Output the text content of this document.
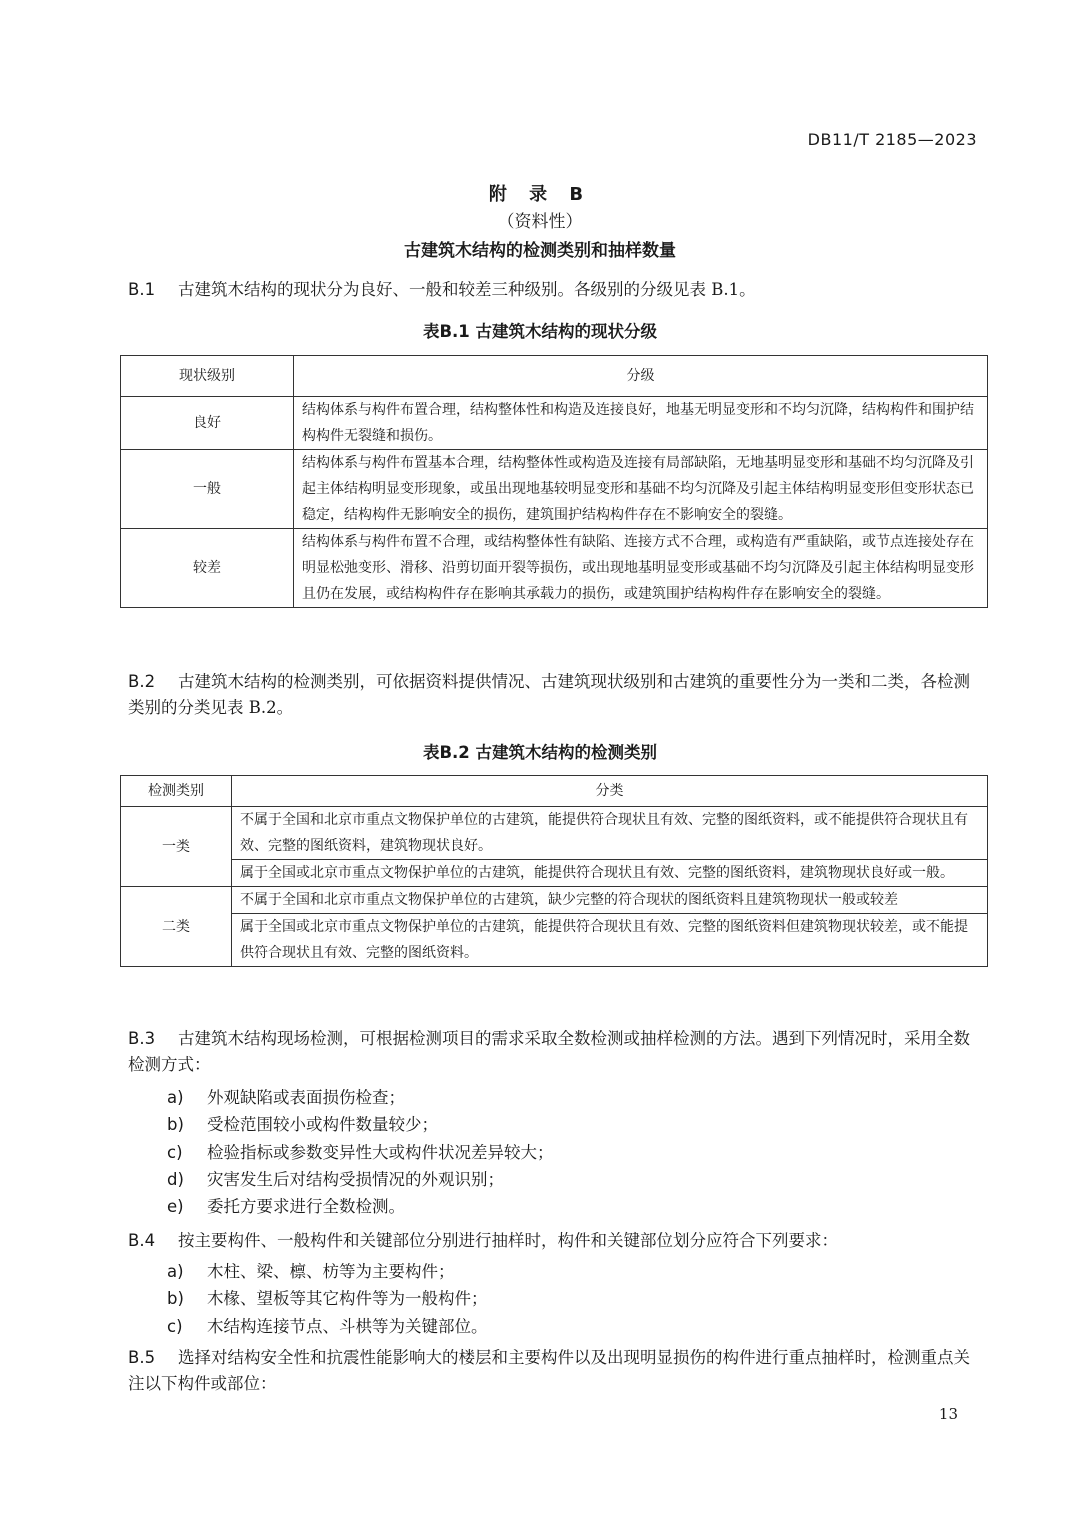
DB11/T 2185—2023
附 录 B
（资料性）
古建筑木结构的检测类别和抽样数量
B.1 古建筑木结构的现状分为良好、一般和较差三种级别。各级别的分级见表 B.1。
表B.1 古建筑木结构的现状分级
现状级别	分级
良好	结构体系与构件布置合理，结构整体性和构造及连接良好，地基无明显变形和不均匀沉降，结构构件和围护结构构件无裂缝和损伤。
一般	结构体系与构件布置基本合理，结构整体性或构造及连接有局部缺陷，无地基明显变形和基础不均匀沉降及引起主体结构明显变形现象，或虽出现地基较明显变形和基础不均匀沉降及引起主体结构明显变形但变形状态已稳定，结构构件无影响安全的损伤，建筑围护结构构件存在不影响安全的裂缝。
较差	结构体系与构件布置不合理，或结构整体性有缺陷、连接方式不合理，或构造有严重缺陷，或节点连接处存在明显松弛变形、滑移、沿剪切面开裂等损伤，或出现地基明显变形或基础不均匀沉降及引起主体结构明显变形且仍在发展，或结构构件存在影响其承载力的损伤，或建筑围护结构构件存在影响安全的裂缝。
B.2 古建筑木结构的检测类别，可依据资料提供情况、古建筑现状级别和古建筑的重要性分为一类和二类，各检测类别的分类见表 B.2。
表B.2 古建筑木结构的检测类别
检测类别	分类
一类	不属于全国和北京市重点文物保护单位的古建筑，能提供符合现状且有效、完整的图纸资料，或不能提供符合现状且有效、完整的图纸资料，建筑物现状良好。
	属于全国或北京市重点文物保护单位的古建筑，能提供符合现状且有效、完整的图纸资料，建筑物现状良好或一般。
二类	不属于全国和北京市重点文物保护单位的古建筑，缺少完整的符合现状的图纸资料且建筑物现状一般或较差
	属于全国或北京市重点文物保护单位的古建筑，能提供符合现状且有效、完整的图纸资料但建筑物现状较差，或不能提供符合现状且有效、完整的图纸资料。
B.3 古建筑木结构现场检测，可根据检测项目的需求采取全数检测或抽样检测的方法。遇到下列情况时，采用全数检测方式：
a) 外观缺陷或表面损伤检查；
b) 受检范围较小或构件数量较少；
c) 检验指标或参数变异性大或构件状况差异较大；
d) 灾害发生后对结构受损情况的外观识别；
e) 委托方要求进行全数检测。
B.4 按主要构件、一般构件和关键部位分别进行抽样时，构件和关键部位划分应符合下列要求：
a) 木柱、梁、檩、枋等为主要构件；
b) 木椽、望板等其它构件等为一般构件；
c) 木结构连接节点、斗栱等为关键部位。
B.5 选择对结构安全性和抗震性能影响大的楼层和主要构件以及出现明显损伤的构件进行重点抽样时，检测重点关注以下构件或部位：
13
